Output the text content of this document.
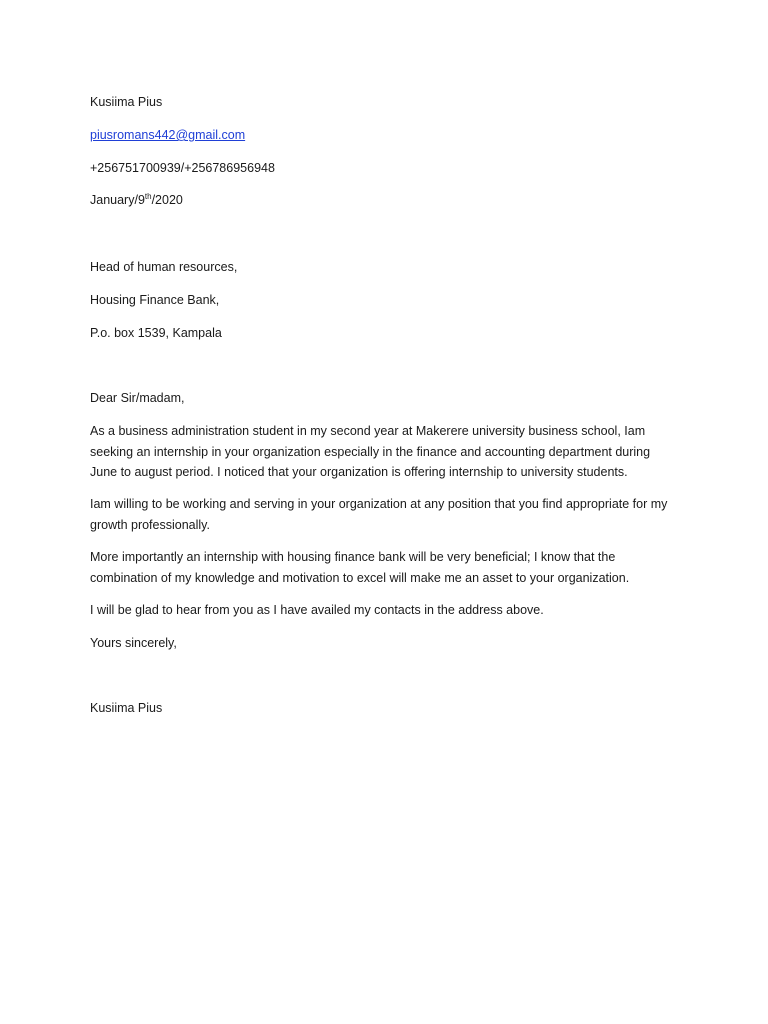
Kusiima Pius
piusromans442@gmail.com
+256751700939/+256786956948
January/9th/2020
Head of human resources,
Housing Finance Bank,
P.o. box 1539, Kampala
Dear Sir/madam,
As a business administration student in my second year at Makerere university business school, Iam seeking an internship in your organization especially in the finance and accounting department during June to august period. I noticed that your organization is offering internship to university students.
Iam willing to be working and serving in your organization at any position that you find appropriate for my growth professionally.
More importantly an internship with housing finance bank will be very beneficial; I know that the combination of my knowledge and motivation to excel will make me an asset to your organization.
I will be glad to hear from you as I have availed my contacts in the address above.
Yours sincerely,
Kusiima Pius
